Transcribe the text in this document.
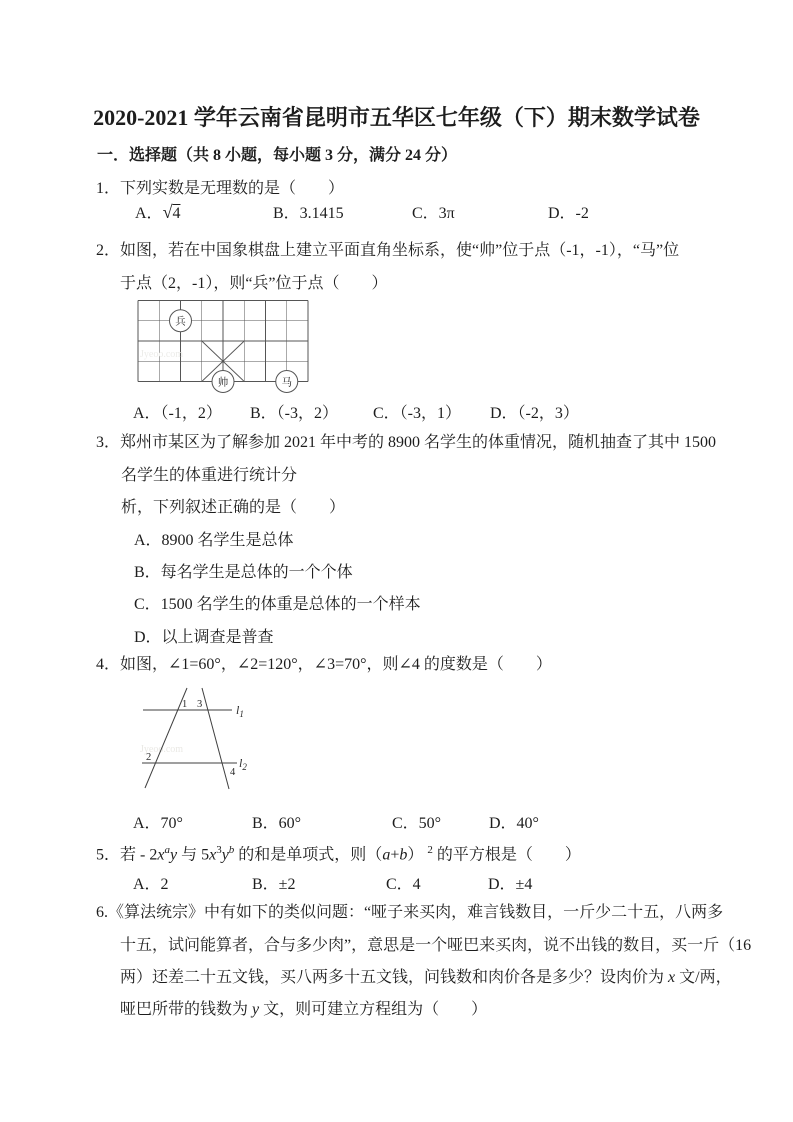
2020-2021 学年云南省昆明市五华区七年级（下）期末数学试卷
一．选择题（共 8 小题，每小题 3 分，满分 24 分）
1．下列实数是无理数的是（　　）
A．√4	B．3.1415	C．3π	D．-2
2．如图，若在中国象棋盘上建立平面直角坐标系，使“帅”位于点（-1，-1），“马”位
于点（2，-1），则“兵”位于点（　　）
Jyeoo.com
兵
帅	马
A．（-1，2） B．（-3，2） C．（-3，1） D．（-2，3）
3．郑州市某区为了解参加 2021 年中考的 8900 名学生的体重情况，随机抽查了其中 1500
名学生的体重进行统计分
析，下列叙述正确的是（　　）
A．8900 名学生是总体
B．每名学生是总体的一个个体
C．1500 名学生的体重是总体的一个样本
D．以上调查是普查
4．如图，∠1=60°，∠2=120°，∠3=70°，则∠4 的度数是（　　）
Jyeoo.com
1
2
3
4
$l_1$
$l_2$
A．70°	B．60°	C．50°	D．40°
5．若 - $2x^ay$ 与 $5x^3y^b$ 的和是单项式，则（a+b） $^2$ 的平方根是（　　）
A．2	B．±2	C．4	D．±4
6.《算法统宗》中有如下的类似问题：“哑子来买肉，难言钱数目，一斤少二十五，八两多
十五，试问能算者，合与多少肉”，意思是一个哑巴来买肉，说不出钱的数目，买一斤（16
两）还差二十五文钱，买八两多十五文钱，问钱数和肉价各是多少？设肉价为 x 文/两，
哑巴所带的钱数为 y 文，则可建立方程组为（　　）
